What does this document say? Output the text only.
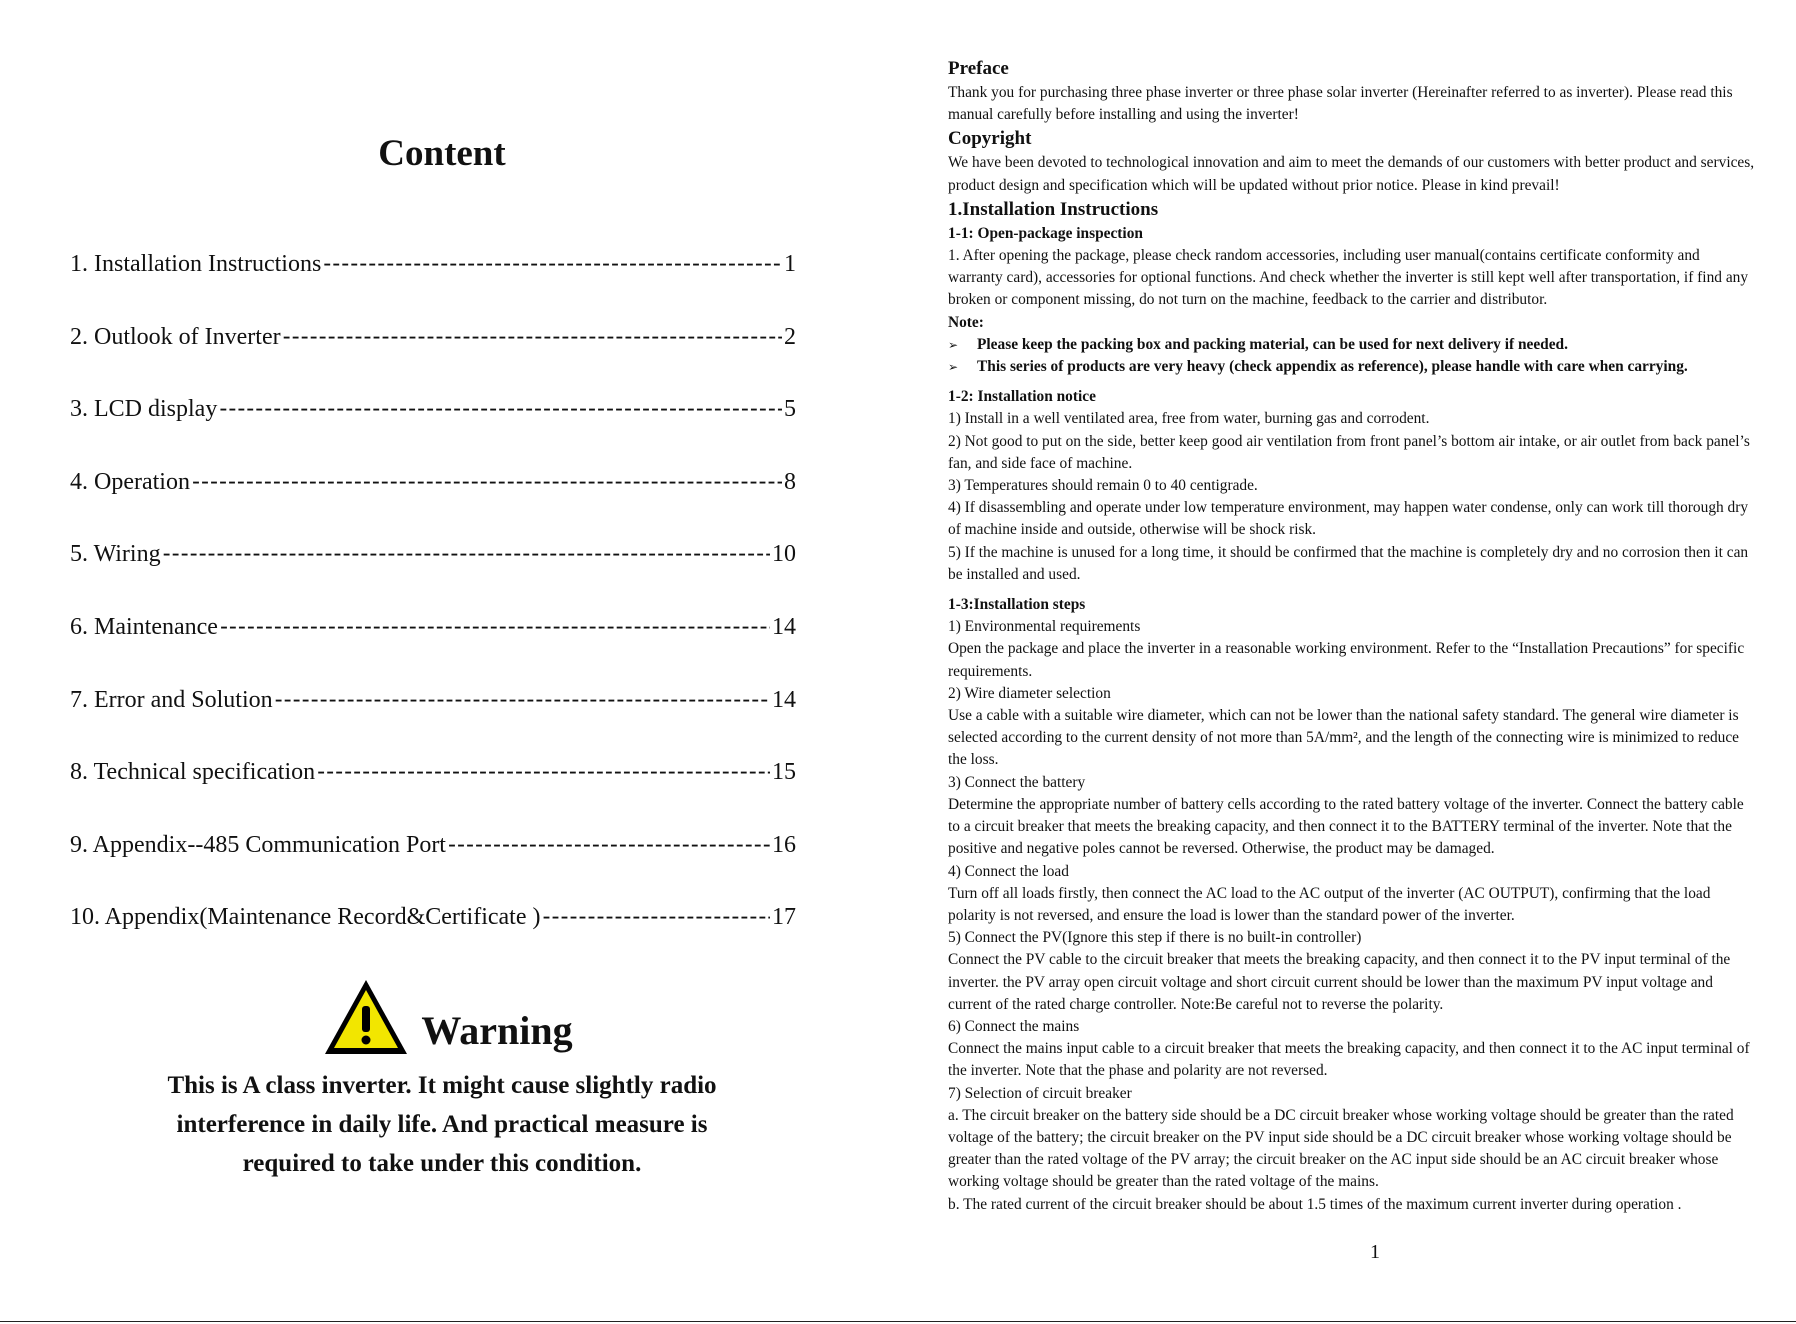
Content
1. Installation Instructions -----	1
2. Outlook of Inverter -----	2
3. LCD display -----	5
4. Operation -----	8
5. Wiring -----	10
6. Maintenance -----	14
7. Error and Solution -----	14
8. Technical specification -----	15
9. Appendix--485 Communication Port -----	16
10. Appendix(Maintenance Record&Certificate ) -----	17
Warning
This is A class inverter. It might cause slightly radio
interference in daily life. And practical measure is
required to take under this condition.
Preface

Thank you for purchasing three phase inverter or three phase solar inverter (Hereinafter referred to as inverter). Please read this manual carefully before installing and using the inverter!

Copyright

We have been devoted to technological innovation and aim to meet the demands of our customers with better product and services, product design and specification which will be updated without prior notice. Please in kind prevail!

1.Installation Instructions
1-1: Open-package inspection

1. After opening the package, please check random accessories, including user manual(contains certificate conformity and warranty card), accessories for optional functions. And check whether the inverter is still kept well after transportation, if find any broken or component missing, do not turn on the machine, feedback to the carrier and distributor.

Note:
➢	Please keep the packing box and packing material, can be used for next delivery if needed.
➢	This series of products are very heavy (check appendix as reference), please handle with care when carrying.
1-2: Installation notice

1) Install in a well ventilated area, free from water, burning gas and corrodent.

2) Not good to put on the side, better keep good air ventilation from front panel’s bottom air intake, or air outlet from back panel’s fan, and side face of machine.

3) Temperatures should remain 0 to 40 centigrade.

4) If disassembling and operate under low temperature environment, may happen water condense, only can work till thorough dry of machine inside and outside, otherwise will be shock risk.

5) If the machine is unused for a long time, it should be confirmed that the machine is completely dry and no corrosion then it can be installed and used.

1-3:Installation steps

1) Environmental requirements

Open the package and place the inverter in a reasonable working environment. Refer to the “Installation Precautions” for specific requirements.

2) Wire diameter selection

Use a cable with a suitable wire diameter, which can not be lower than the national safety standard. The general wire diameter is selected according to the current density of not more than 5A/mm², and the length of the connecting wire is minimized to reduce the loss.

3) Connect the battery

Determine the appropriate number of battery cells according to the rated battery voltage of the inverter. Connect the battery cable to a circuit breaker that meets the breaking capacity, and then connect it to the BATTERY terminal of the inverter. Note that the positive and negative poles cannot be reversed. Otherwise, the product may be damaged.

4) Connect the load

Turn off all loads firstly, then connect the AC load to the AC output of the inverter (AC OUTPUT), confirming that the load polarity is not reversed, and ensure the load is lower than the standard power of the inverter.

5) Connect the PV(Ignore this step if there is no built-in controller)

Connect the PV cable to the circuit breaker that meets the breaking capacity, and then connect it to the PV input terminal of the inverter. the PV array open circuit voltage and short circuit current should be lower than the maximum PV input voltage and current of the rated charge controller. Note:Be careful not to reverse the polarity.

6) Connect the mains

Connect the mains input cable to a circuit breaker that meets the breaking capacity, and then connect it to the AC input terminal of the inverter. Note that the phase and polarity are not reversed.

7) Selection of circuit breaker

a. The circuit breaker on the battery side should be a DC circuit breaker whose working voltage should be greater than the rated voltage of the battery; the circuit breaker on the PV input side should be a DC circuit breaker whose working voltage should be greater than the rated voltage of the PV array; the circuit breaker on the AC input side should be an AC circuit breaker whose working voltage should be greater than the rated voltage of the mains.

b. The rated current of the circuit breaker should be about 1.5 times of the maximum current inverter during operation .

1
